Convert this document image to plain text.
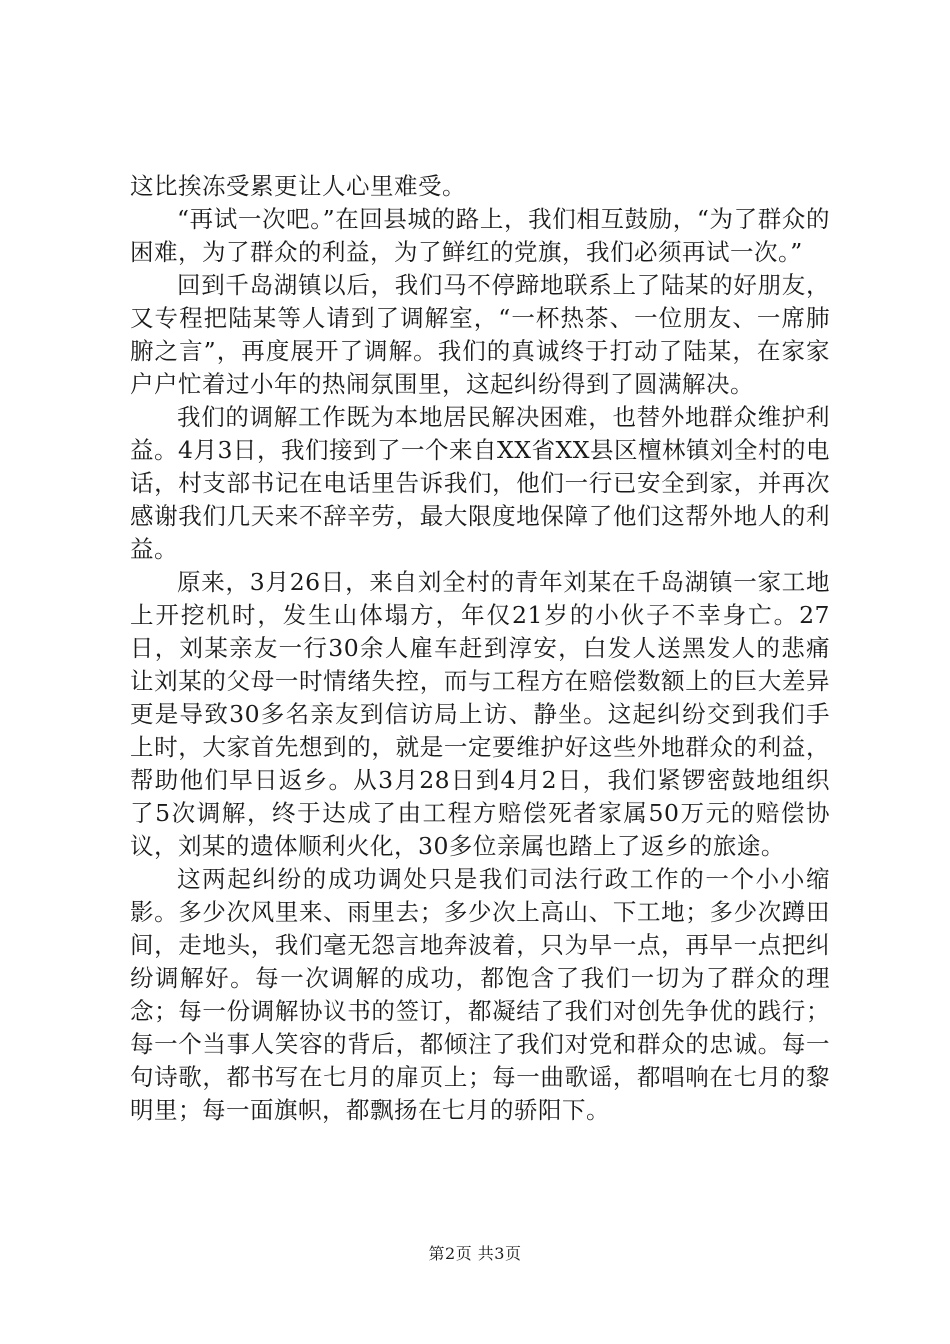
这比挨冻受累更让人心里难受。

“再试一次吧。”在回县城的路上，我们相互鼓励，“为了群众的困难，为了群众的利益，为了鲜红的党旗，我们必须再试一次。”

回到千岛湖镇以后，我们马不停蹄地联系上了陆某的好朋友，又专程把陆某等人请到了调解室，“一杯热茶、一位朋友、一席肺腑之言”，再度展开了调解。我们的真诚终于打动了陆某，在家家户户忙着过小年的热闹氛围里，这起纠纷得到了圆满解决。

我们的调解工作既为本地居民解决困难，也替外地群众维护利益。4月3日，我们接到了一个来自XX省XX县区檀林镇刘全村的电话，村支部书记在电话里告诉我们，他们一行已安全到家，并再次感谢我们几天来不辞辛劳，最大限度地保障了他们这帮外地人的利益。

原来，3月26日，来自刘全村的青年刘某在千岛湖镇一家工地上开挖机时，发生山体塌方，年仅21岁的小伙子不幸身亡。27日，刘某亲友一行30余人雇车赶到淳安，白发人送黑发人的悲痛让刘某的父母一时情绪失控，而与工程方在赔偿数额上的巨大差异更是导致30多名亲友到信访局上访、静坐。这起纠纷交到我们手上时，大家首先想到的，就是一定要维护好这些外地群众的利益，帮助他们早日返乡。从3月28日到4月2日，我们紧锣密鼓地组织了5次调解，终于达成了由工程方赔偿死者家属50万元的赔偿协议，刘某的遗体顺利火化，30多位亲属也踏上了返乡的旅途。

这两起纠纷的成功调处只是我们司法行政工作的一个小小缩影。多少次风里来、雨里去；多少次上高山、下工地；多少次蹲田间，走地头，我们毫无怨言地奔波着，只为早一点，再早一点把纠纷调解好。每一次调解的成功，都饱含了我们一切为了群众的理念；每一份调解协议书的签订，都凝结了我们对创先争优的践行；每一个当事人笑容的背后，都倾注了我们对党和群众的忠诚。每一句诗歌，都书写在七月的扉页上；每一曲歌谣，都唱响在七月的黎明里；每一面旗帜，都飘扬在七月的骄阳下。

第2页 共3页
